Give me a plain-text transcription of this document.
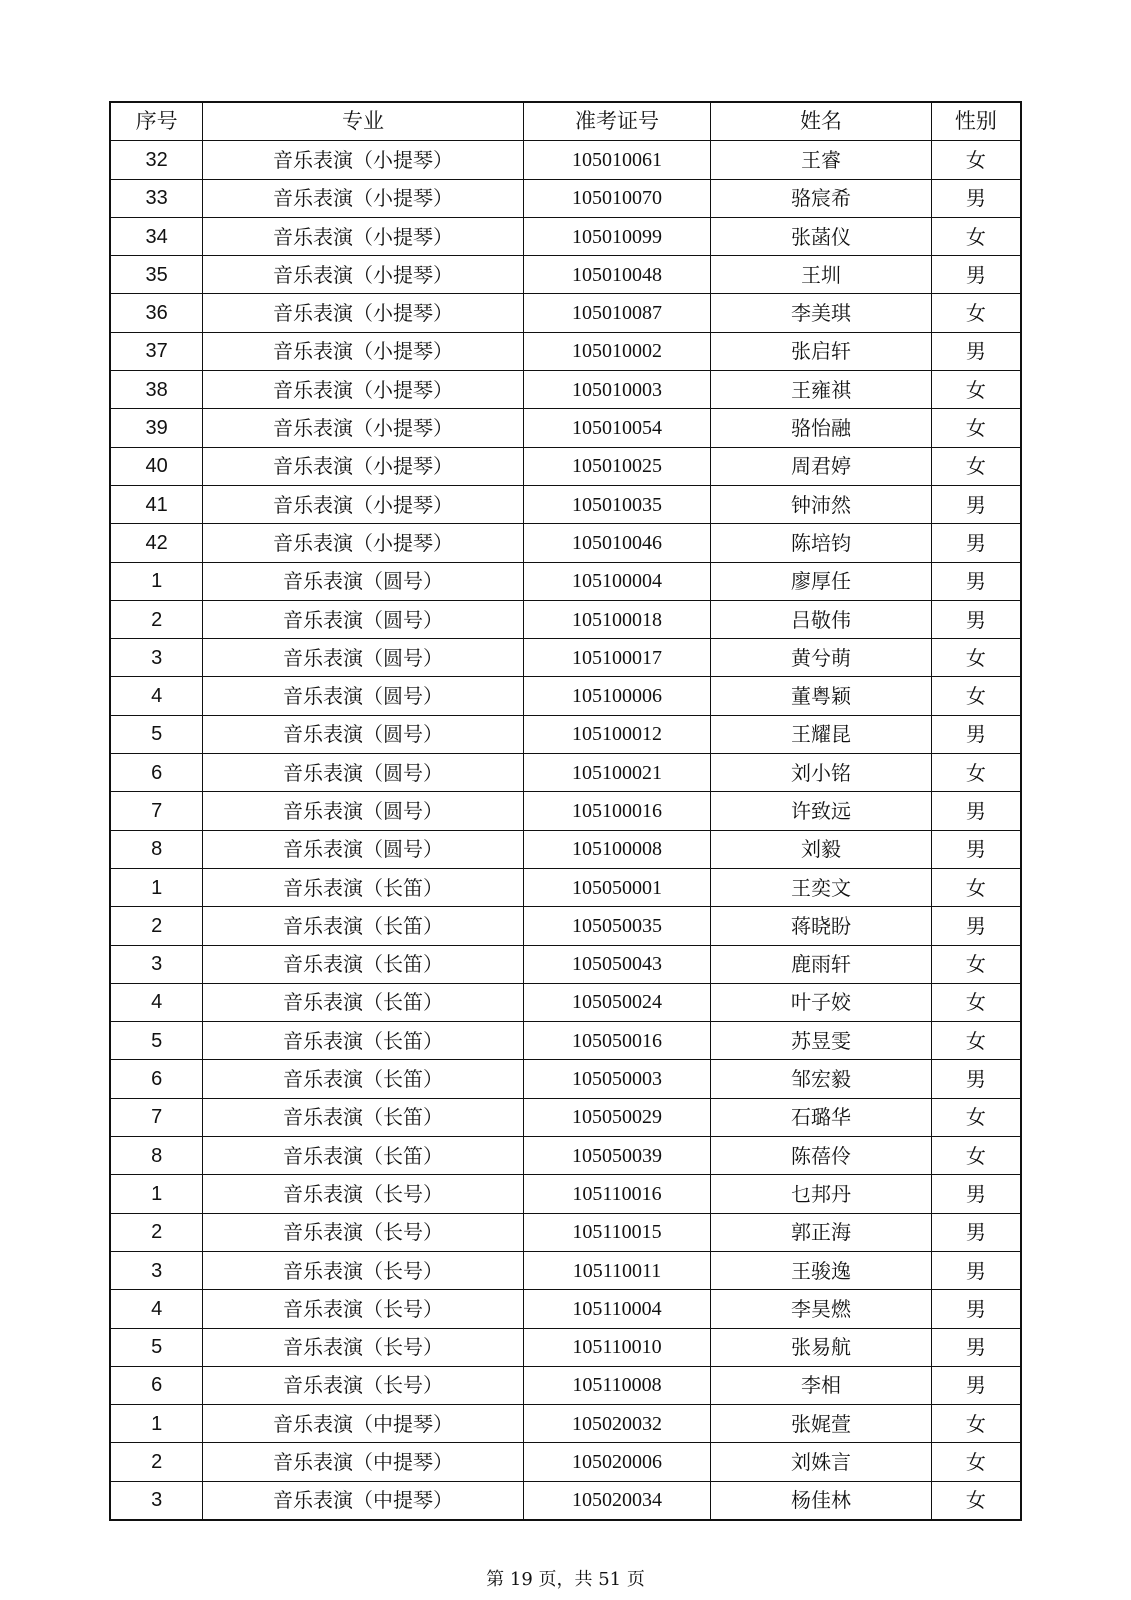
序号	专业	准考证号	姓名	性别
32	音乐表演（小提琴）	105010061	王睿	女
33	音乐表演（小提琴）	105010070	骆宸希	男
34	音乐表演（小提琴）	105010099	张菡仪	女
35	音乐表演（小提琴）	105010048	王圳	男
36	音乐表演（小提琴）	105010087	李美琪	女
37	音乐表演（小提琴）	105010002	张启轩	男
38	音乐表演（小提琴）	105010003	王雍祺	女
39	音乐表演（小提琴）	105010054	骆怡融	女
40	音乐表演（小提琴）	105010025	周君婷	女
41	音乐表演（小提琴）	105010035	钟沛然	男
42	音乐表演（小提琴）	105010046	陈培钧	男
1	音乐表演（圆号）	105100004	廖厚任	男
2	音乐表演（圆号）	105100018	吕敬伟	男
3	音乐表演（圆号）	105100017	黄兮萌	女
4	音乐表演（圆号）	105100006	董粤颖	女
5	音乐表演（圆号）	105100012	王耀昆	男
6	音乐表演（圆号）	105100021	刘小铭	女
7	音乐表演（圆号）	105100016	许致远	男
8	音乐表演（圆号）	105100008	刘毅	男
1	音乐表演（长笛）	105050001	王奕文	女
2	音乐表演（长笛）	105050035	蒋晓盼	男
3	音乐表演（长笛）	105050043	鹿雨轩	女
4	音乐表演（长笛）	105050024	叶子姣	女
5	音乐表演（长笛）	105050016	苏昱雯	女
6	音乐表演（长笛）	105050003	邹宏毅	男
7	音乐表演（长笛）	105050029	石璐华	女
8	音乐表演（长笛）	105050039	陈蓓伶	女
1	音乐表演（长号）	105110016	乜邦丹	男
2	音乐表演（长号）	105110015	郭正海	男
3	音乐表演（长号）	105110011	王骏逸	男
4	音乐表演（长号）	105110004	李昊燃	男
5	音乐表演（长号）	105110010	张易航	男
6	音乐表演（长号）	105110008	李相	男
1	音乐表演（中提琴）	105020032	张娓萱	女
2	音乐表演（中提琴）	105020006	刘姝言	女
3	音乐表演（中提琴）	105020034	杨佳林	女
第 19 页，共 51 页
